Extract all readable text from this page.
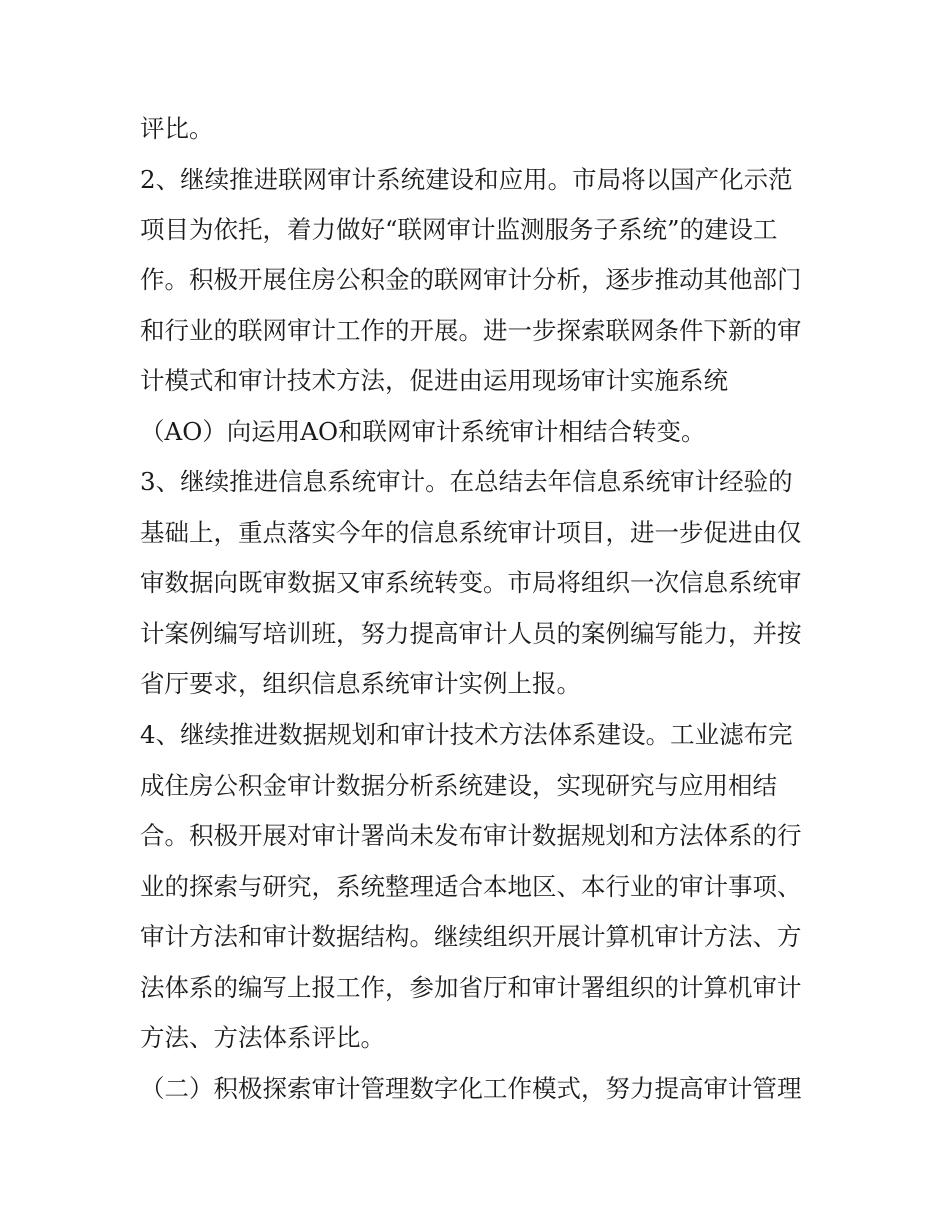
评比。
2、继续推进联网审计系统建设和应用。市局将以国产化示范
项目为依托，着力做好“联网审计监测服务子系统”的建设工
作。积极开展住房公积金的联网审计分析，逐步推动其他部门
和行业的联网审计工作的开展。进一步探索联网条件下新的审
计模式和审计技术方法，促进由运用现场审计实施系统
（AO）向运用AO和联网审计系统审计相结合转变。
3、继续推进信息系统审计。在总结去年信息系统审计经验的
基础上，重点落实今年的信息系统审计项目，进一步促进由仅
审数据向既审数据又审系统转变。市局将组织一次信息系统审
计案例编写培训班，努力提高审计人员的案例编写能力，并按
省厅要求，组织信息系统审计实例上报。
4、继续推进数据规划和审计技术方法体系建设。工业滤布完
成住房公积金审计数据分析系统建设，实现研究与应用相结
合。积极开展对审计署尚未发布审计数据规划和方法体系的行
业的探索与研究，系统整理适合本地区、本行业的审计事项、
审计方法和审计数据结构。继续组织开展计算机审计方法、方
法体系的编写上报工作，参加省厅和审计署组织的计算机审计
方法、方法体系评比。
（二）积极探索审计管理数字化工作模式，努力提高审计管理
